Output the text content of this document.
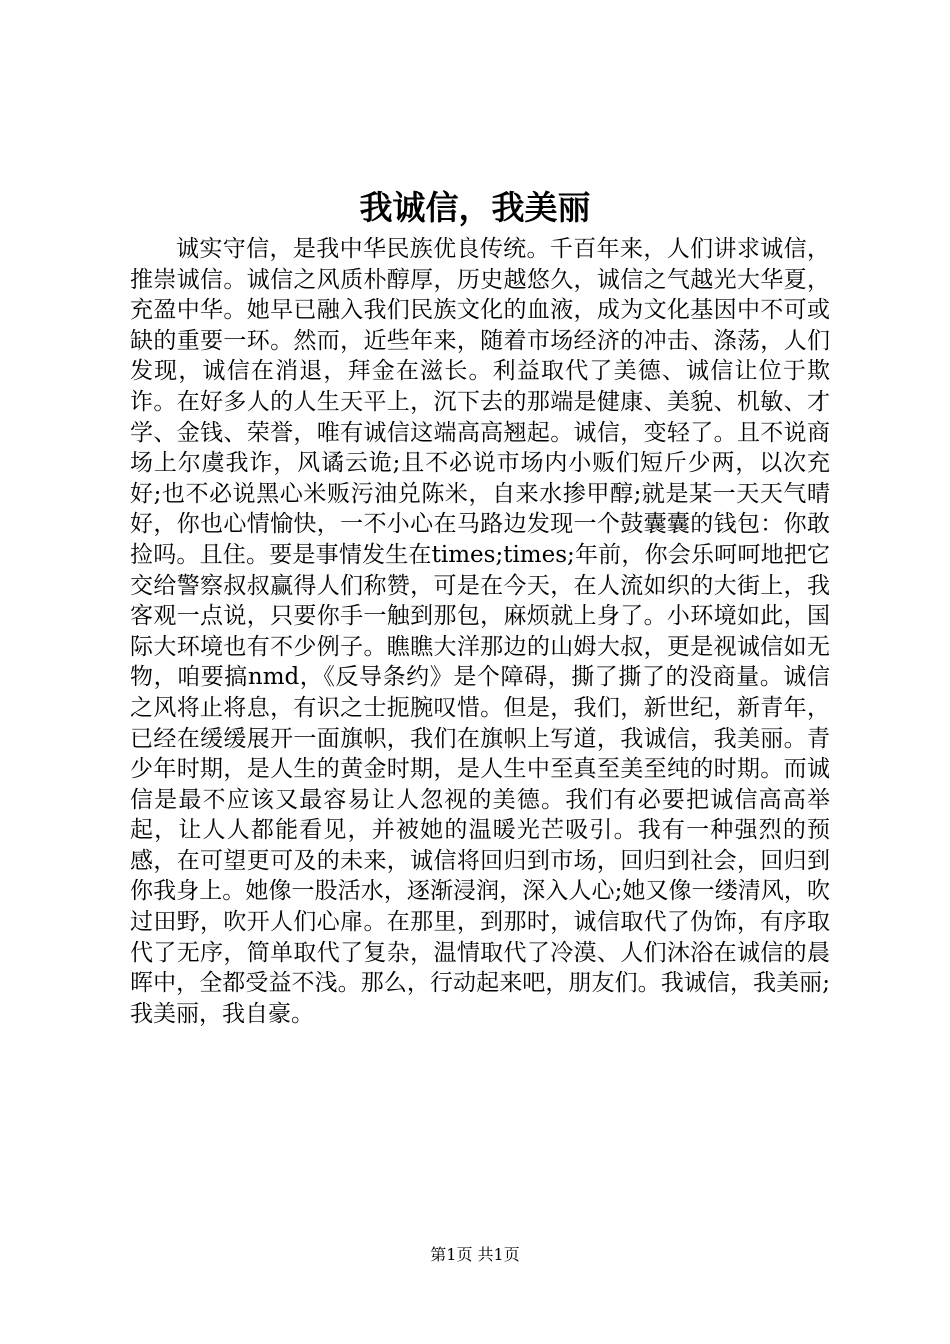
我诚信，我美丽

诚实守信，是我中华民族优良传统。千百年来，人们讲求诚信，推崇诚信。诚信之风质朴醇厚，历史越悠久，诚信之气越光大华夏，充盈中华。她早已融入我们民族文化的血液，成为文化基因中不可或缺的重要一环。然而，近些年来，随着市场经济的冲击、涤荡，人们发现，诚信在消退，拜金在滋长。利益取代了美德、诚信让位于欺诈。在好多人的人生天平上，沉下去的那端是健康、美貌、机敏、才学、金钱、荣誉，唯有诚信这端高高翘起。诚信，变轻了。且不说商场上尔虞我诈，风谲云诡;且不必说市场内小贩们短斤少两，以次充好;也不必说黑心米贩污油兑陈米，自来水掺甲醇;就是某一天天气晴好，你也心情愉快，一不小心在马路边发现一个鼓囊囊的钱包：你敢捡吗。且住。要是事情发生在times;times;年前，你会乐呵呵地把它交给警察叔叔赢得人们称赞，可是在今天，在人流如织的大街上，我客观一点说，只要你手一触到那包，麻烦就上身了。小环境如此，国际大环境也有不少例子。瞧瞧大洋那边的山姆大叔，更是视诚信如无物，咱要搞nmd，《反导条约》是个障碍，撕了撕了的没商量。诚信之风将止将息，有识之士扼腕叹惜。但是，我们，新世纪，新青年，已经在缓缓展开一面旗帜，我们在旗帜上写道，我诚信，我美丽。青少年时期，是人生的黄金时期，是人生中至真至美至纯的时期。而诚信是最不应该又最容易让人忽视的美德。我们有必要把诚信高高举起，让人人都能看见，并被她的温暖光芒吸引。我有一种强烈的预感，在可望更可及的未来，诚信将回归到市场，回归到社会，回归到你我身上。她像一股活水，逐渐浸润，深入人心;她又像一缕清风，吹过田野，吹开人们心扉。在那里，到那时，诚信取代了伪饰，有序取代了无序，简单取代了复杂，温情取代了冷漠、人们沐浴在诚信的晨晖中，全都受益不浅。那么，行动起来吧，朋友们。我诚信，我美丽;我美丽，我自豪。

第1页 共1页
